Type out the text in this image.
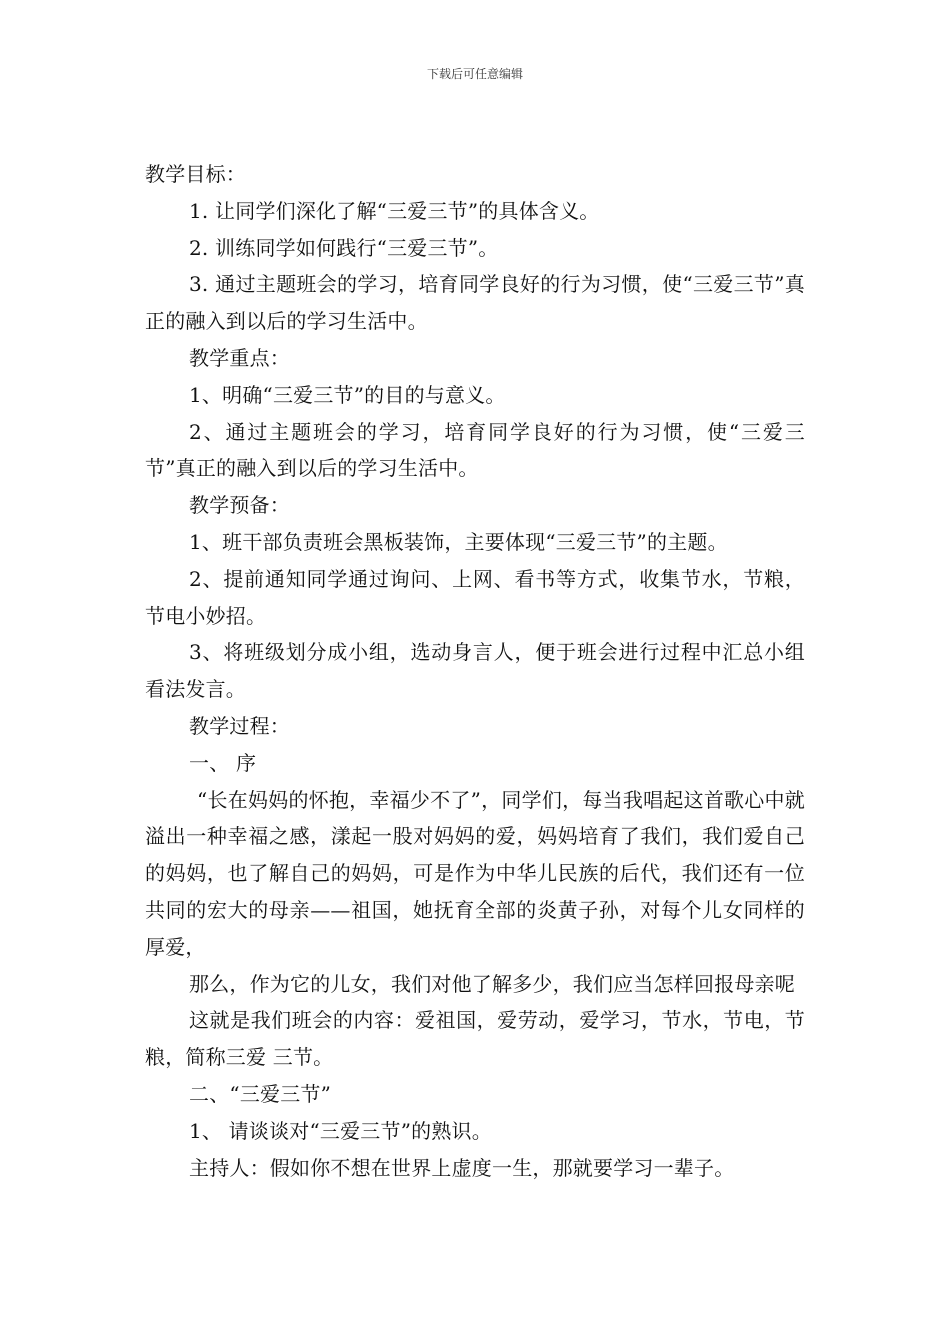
下载后可任意编辑

教学目标：

1. 让同学们深化了解“三爱三节”的具体含义。

2. 训练同学如何践行“三爱三节”。

3. 通过主题班会的学习，培育同学良好的行为习惯，使“三爱三节”真正的融入到以后的学习生活中。

教学重点：

1、明确“三爱三节”的目的与意义。

2、通过主题班会的学习，培育同学良好的行为习惯，使“三爱三节”真正的融入到以后的学习生活中。

教学预备：

1、班干部负责班会黑板装饰，主要体现“三爱三节”的主题。

2、提前通知同学通过询问、上网、看书等方式，收集节水，节粮，节电小妙招。

3、将班级划分成小组，选动身言人，便于班会进行过程中汇总小组看法发言。

教学过程：

一、 序

“长在妈妈的怀抱，幸福少不了”，同学们，每当我唱起这首歌心中就溢出一种幸福之感，漾起一股对妈妈的爱，妈妈培育了我们，我们爱自己的妈妈，也了解自己的妈妈，可是作为中华儿民族的后代，我们还有一位共同的宏大的母亲——祖国，她抚育全部的炎黄子孙，对每个儿女同样的厚爱，

那么，作为它的儿女，我们对他了解多少，我们应当怎样回报母亲呢

这就是我们班会的内容：爱祖国，爱劳动，爱学习，节水，节电，节粮，简称三爱 三节。

二、“三爱三节”

1、 请谈谈对“三爱三节”的熟识。

主持人：假如你不想在世界上虚度一生，那就要学习一辈子。
